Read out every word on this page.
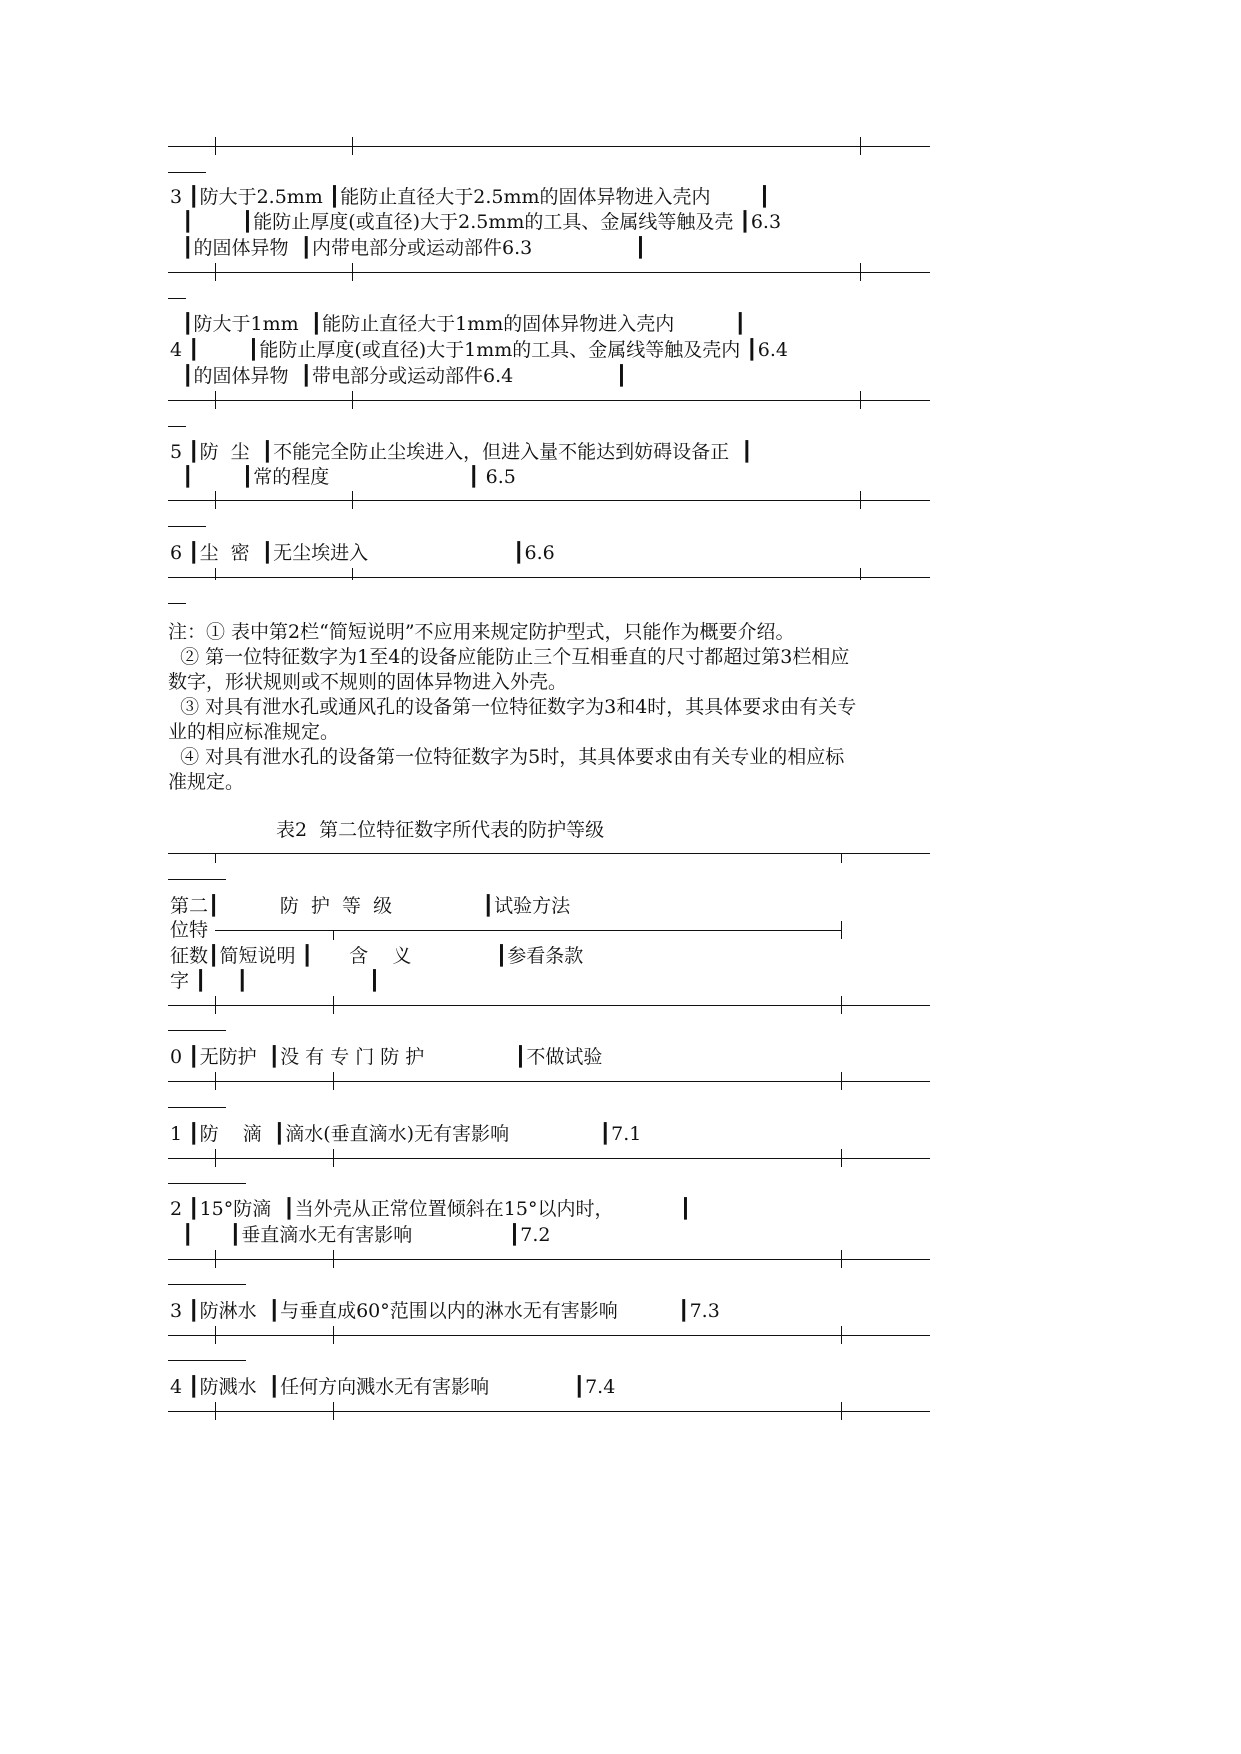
3 ┃防大于2.5mm ┃能防止直径大于2.5mm的固体异物进入壳内        ┃
┃        ┃能防止厚度(或直径)大于2.5mm的工具、金属线等触及壳 ┃6.3
┃的固体异物  ┃内带电部分或运动部件6.3                 ┃
┃防大于1mm  ┃能防止直径大于1mm的固体异物进入壳内          ┃
4 ┃        ┃能防止厚度(或直径)大于1mm的工具、金属线等触及壳内 ┃6.4
┃的固体异物  ┃带电部分或运动部件6.4                 ┃
5 ┃防  尘  ┃不能完全防止尘埃进入，但进入量不能达到妨碍设备正  ┃
┃        ┃常的程度                       ┃ 6.5
6 ┃尘  密  ┃无尘埃进入                        ┃6.6
注：① 表中第2栏“简短说明”不应用来规定防护型式，只能作为概要介绍。
② 第一位特征数字为1至4的设备应能防止三个互相垂直的尺寸都超过第3栏相应
数字，形状规则或不规则的固体异物进入外壳。
③ 对具有泄水孔或通风孔的设备第一位特征数字为3和4时，其具体要求由有关专
业的相应标准规定。
④ 对具有泄水孔的设备第一位特征数字为5时，其具体要求由有关专业的相应标
准规定。
表2  第二位特征数字所代表的防护等级
第二┃          防  护  等  级               ┃试验方法
位特
征数┃简短说明 ┃      含    义              ┃参看条款
字 ┃     ┃                    ┃
0 ┃无防护  ┃没 有 专 门 防 护               ┃不做试验
1 ┃防    滴  ┃滴水(垂直滴水)无有害影响               ┃7.1
2 ┃15°防滴  ┃当外壳从正常位置倾斜在15°以内时，           ┃
┃      ┃垂直滴水无有害影响                ┃7.2
3 ┃防淋水  ┃与垂直成60°范围以内的淋水无有害影响          ┃7.3
4 ┃防溅水  ┃任何方向溅水无有害影响              ┃7.4
